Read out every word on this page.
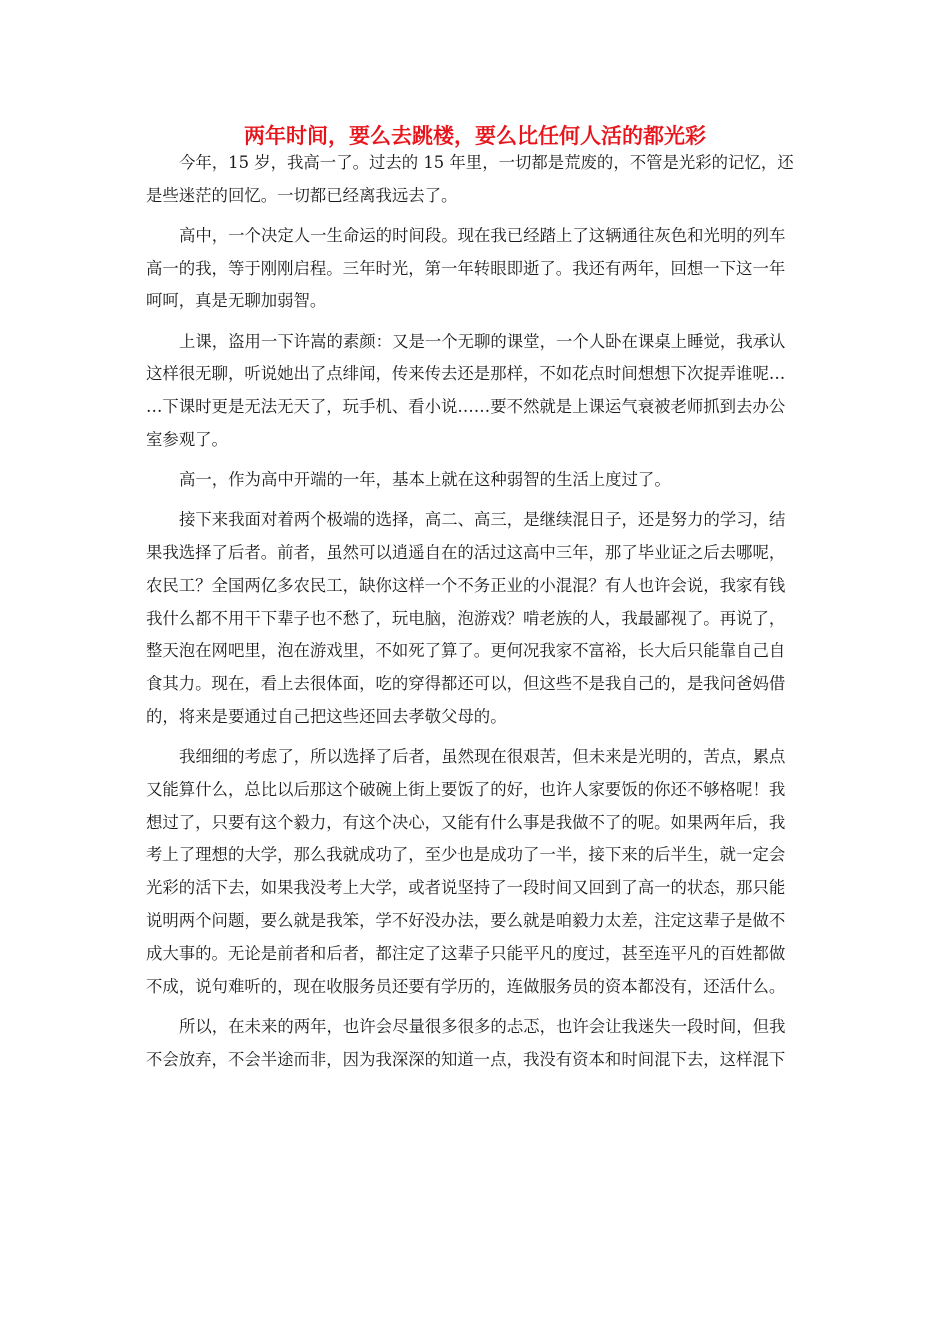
两年时间，要么去跳楼，要么比任何人活的都光彩
今年，15 岁，我高一了。过去的 15 年里，一切都是荒废的，不管是光彩的记忆，还
是些迷茫的回忆。一切都已经离我远去了。
高中，一个决定人一生命运的时间段。现在我已经踏上了这辆通往灰色和光明的列车
高一的我，等于刚刚启程。三年时光，第一年转眼即逝了。我还有两年，回想一下这一年
呵呵，真是无聊加弱智。
上课，盗用一下许嵩的素颜：又是一个无聊的课堂，一个人卧在课桌上睡觉，我承认
这样很无聊，听说她出了点绯闻，传来传去还是那样，不如花点时间想想下次捉弄谁呢…
…下课时更是无法无天了，玩手机、看小说……要不然就是上课运气衰被老师抓到去办公
室参观了。
高一，作为高中开端的一年，基本上就在这种弱智的生活上度过了。
接下来我面对着两个极端的选择，高二、高三，是继续混日子，还是努力的学习，结
果我选择了后者。前者，虽然可以逍遥自在的活过这高中三年，那了毕业证之后去哪呢，
农民工？全国两亿多农民工，缺你这样一个不务正业的小混混？有人也许会说，我家有钱
我什么都不用干下辈子也不愁了，玩电脑，泡游戏？啃老族的人，我最鄙视了。再说了，
整天泡在网吧里，泡在游戏里，不如死了算了。更何况我家不富裕，长大后只能靠自己自
食其力。现在，看上去很体面，吃的穿得都还可以，但这些不是我自己的，是我问爸妈借
的，将来是要通过自己把这些还回去孝敬父母的。
我细细的考虑了，所以选择了后者，虽然现在很艰苦，但未来是光明的，苦点，累点
又能算什么，总比以后那这个破碗上街上要饭了的好，也许人家要饭的你还不够格呢！我
想过了，只要有这个毅力，有这个决心，又能有什么事是我做不了的呢。如果两年后，我
考上了理想的大学，那么我就成功了，至少也是成功了一半，接下来的后半生，就一定会
光彩的活下去，如果我没考上大学，或者说坚持了一段时间又回到了高一的状态，那只能
说明两个问题，要么就是我笨，学不好没办法，要么就是咱毅力太差，注定这辈子是做不
成大事的。无论是前者和后者，都注定了这辈子只能平凡的度过，甚至连平凡的百姓都做
不成，说句难听的，现在收服务员还要有学历的，连做服务员的资本都没有，还活什么。
所以，在未来的两年，也许会尽量很多很多的忐忑，也许会让我迷失一段时间，但我
不会放弃，不会半途而非，因为我深深的知道一点，我没有资本和时间混下去，这样混下
